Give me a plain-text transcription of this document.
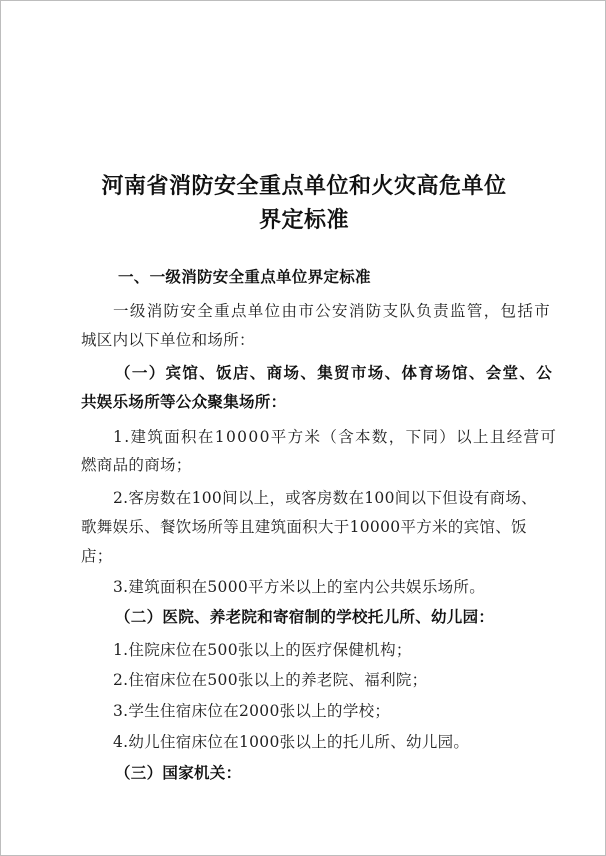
河南省消防安全重点单位和火灾高危单位
界定标准
一、一级消防安全重点单位界定标准
一级消防安全重点单位由市公安消防支队负责监管，包括市
城区内以下单位和场所：
（一）宾馆、饭店、商场、集贸市场、体育场馆、会堂、公
共娱乐场所等公众聚集场所：
1.建筑面积在10000平方米（含本数，下同）以上且经营可
燃商品的商场；
2.客房数在100间以上，或客房数在100间以下但设有商场、
歌舞娱乐、餐饮场所等且建筑面积大于10000平方米的宾馆、饭
店；
3.建筑面积在5000平方米以上的室内公共娱乐场所。
（二）医院、养老院和寄宿制的学校托儿所、幼儿园：
1.住院床位在500张以上的医疗保健机构；
2.住宿床位在500张以上的养老院、福利院；
3.学生住宿床位在2000张以上的学校；
4.幼儿住宿床位在1000张以上的托儿所、幼儿园。
（三）国家机关：
